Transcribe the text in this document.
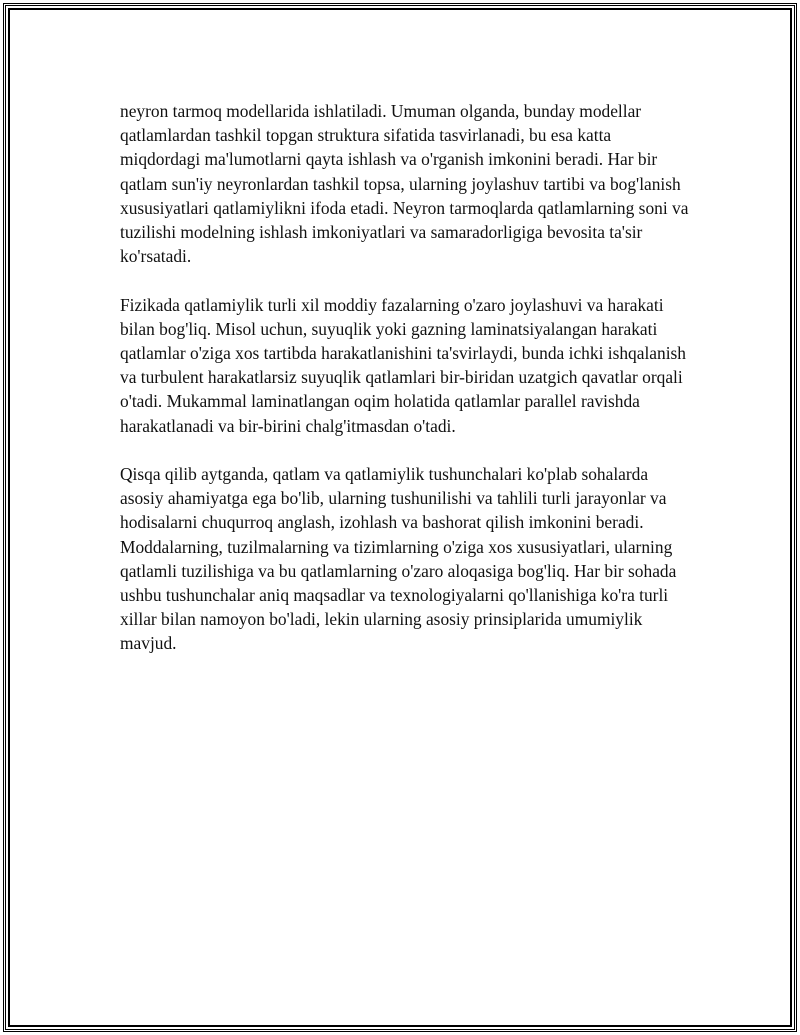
neyron tarmoq modellarida ishlatiladi. Umuman olganda, bunday modellar qatlamlardan tashkil topgan struktura sifatida tasvirlanadi, bu esa katta miqdordagi ma'lumotlarni qayta ishlash va o'rganish imkonini beradi. Har bir qatlam sun'iy neyronlardan tashkil topsa, ularning joylashuv tartibi va bog'lanish xususiyatlari qatlamiylikni ifoda etadi. Neyron tarmoqlarda qatlamlarning soni va tuzilishi modelning ishlash imkoniyatlari va samaradorligiga bevosita ta'sir ko'rsatadi.

Fizikada qatlamiylik turli xil moddiy fazalarning o'zaro joylashuvi va harakati bilan bog'liq. Misol uchun, suyuqlik yoki gazning laminatsiyalangan harakati qatlamlar o'ziga xos tartibda harakatlanishini ta'svirlaydi, bunda ichki ishqalanish va turbulent harakatlarsiz suyuqlik qatlamlari bir-biridan uzatgich qavatlar orqali o'tadi. Mukammal laminatlangan oqim holatida qatlamlar parallel ravishda harakatlanadi va bir-birini chalg'itmasdan o'tadi.

Qisqa qilib aytganda, qatlam va qatlamiylik tushunchalari ko'plab sohalarda asosiy ahamiyatga ega bo'lib, ularning tushunilishi va tahlili turli jarayonlar va hodisalarni chuqurroq anglash, izohlash va bashorat qilish imkonini beradi. Moddalarning, tuzilmalarning va tizimlarning o'ziga xos xususiyatlari, ularning qatlamli tuzilishiga va bu qatlamlarning o'zaro aloqasiga bog'liq. Har bir sohada ushbu tushunchalar aniq maqsadlar va texnologiyalarni qo'llanishiga ko'ra turli xillar bilan namoyon bo'ladi, lekin ularning asosiy prinsiplarida umumiylik mavjud.
